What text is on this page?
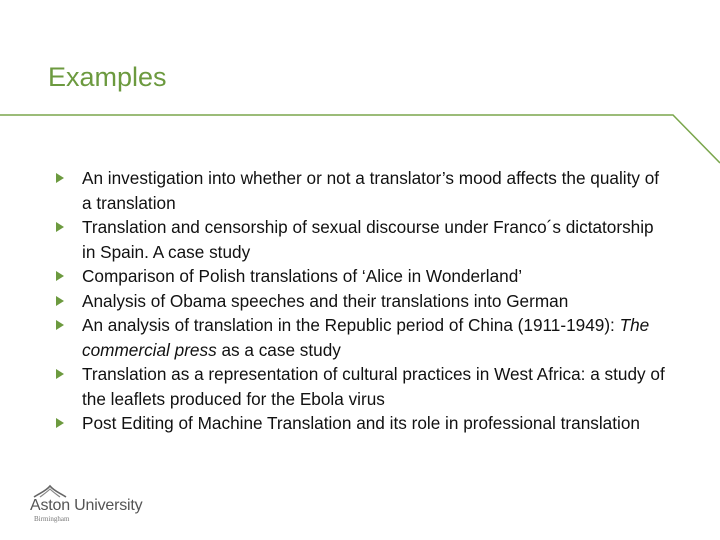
Examples
An investigation into whether or not a translator’s mood affects the quality of a translation
Translation and censorship of sexual discourse under Franco´s dictatorship in Spain. A case study
Comparison of Polish translations of ‘Alice in Wonderland’
Analysis of Obama speeches and their translations into German
An analysis of translation in the Republic period of China (1911-1949): The commercial press as a case study
Translation as a representation of cultural practices in West Africa: a study of the leaflets produced for the Ebola virus
Post Editing of Machine Translation and its role in professional translation
Aston University
Birmingham
